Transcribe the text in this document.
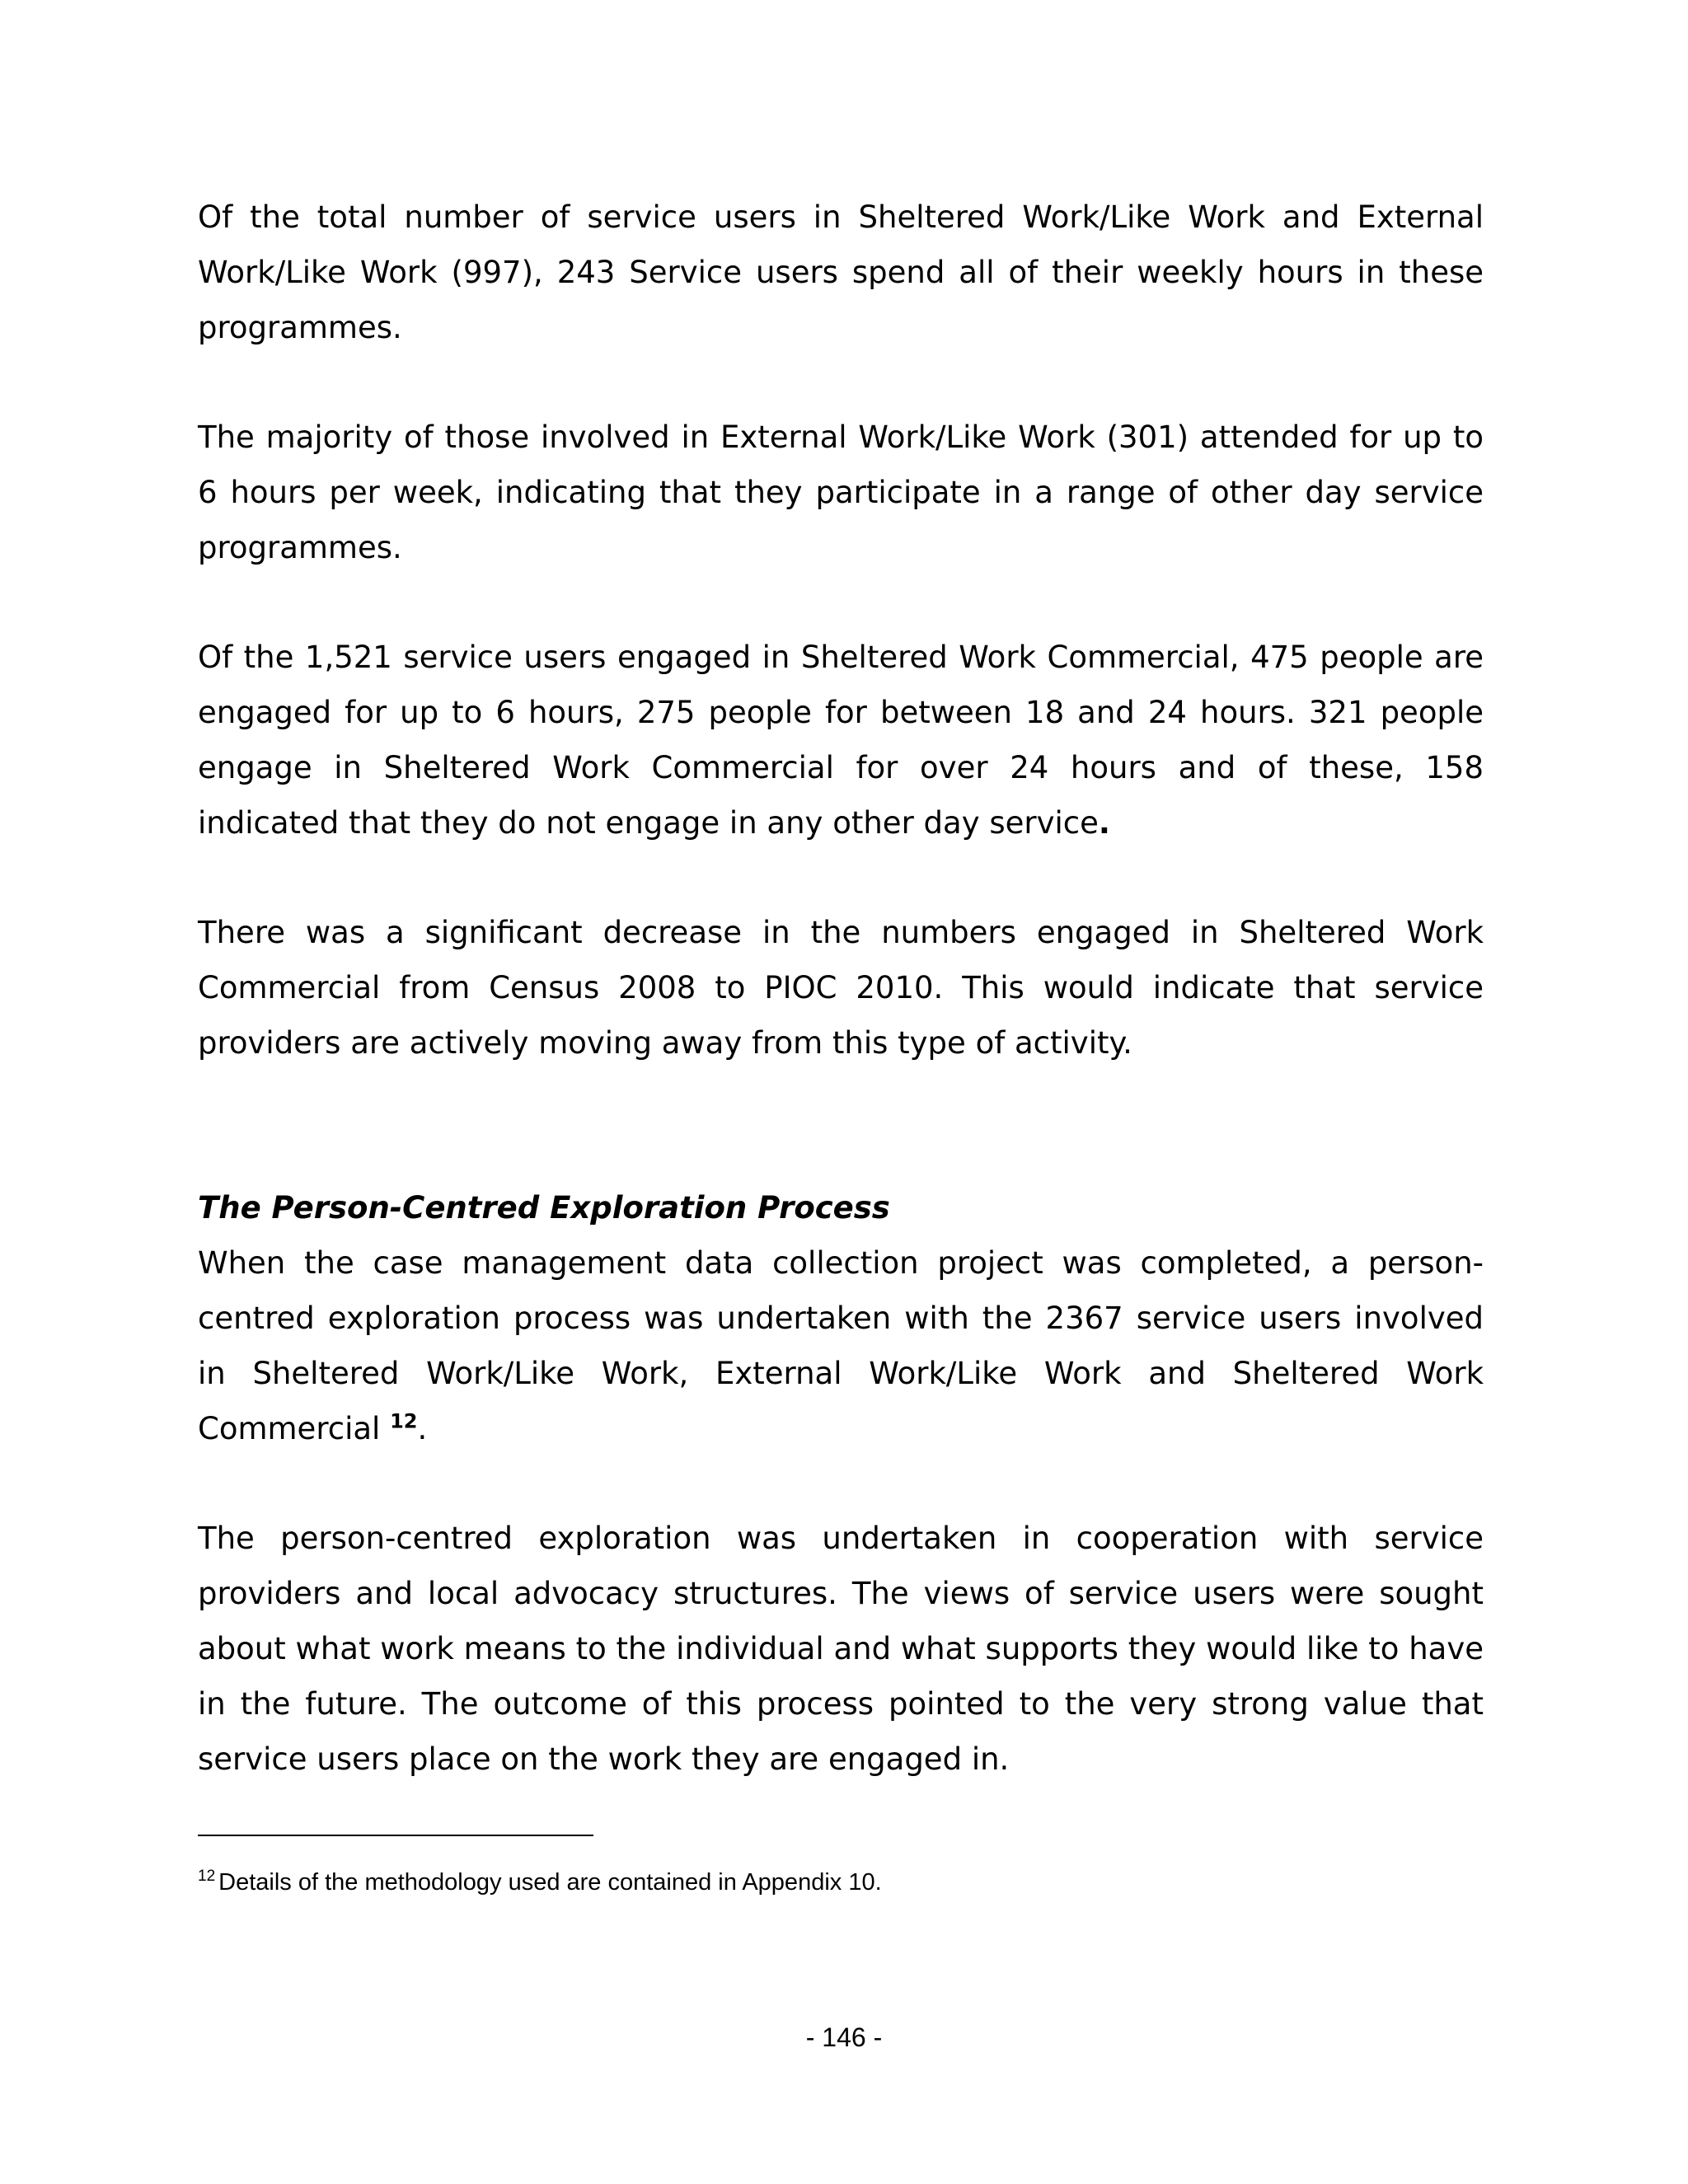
Of the total number of service users in Sheltered Work/Like Work and External Work/Like Work (997), 243 Service users spend all of their weekly hours in these programmes.

The majority of those involved in External Work/Like Work (301) attended for up to 6 hours per week, indicating that they participate in a range of other day service programmes.

Of the 1,521 service users engaged in Sheltered Work Commercial, 475 people are engaged for up to 6 hours, 275 people for between 18 and 24 hours. 321 people engage in Sheltered Work Commercial for over 24 hours and of these, 158 indicated that they do not engage in any other day service.

There was a significant decrease in the numbers engaged in Sheltered Work Commercial from Census 2008 to PIOC 2010. This would indicate that service providers are actively moving away from this type of activity.

The Person-Centred Exploration Process

When the case management data collection project was completed, a person-centred exploration process was undertaken with the 2367 service users involved in Sheltered Work/Like Work, External Work/Like Work and Sheltered Work Commercial $^{12}$.

The person-centred exploration was undertaken in cooperation with service providers and local advocacy structures. The views of service users were sought about what work means to the individual and what supports they would like to have in the future. The outcome of this process pointed to the very strong value that service users place on the work they are engaged in.

$^{12}$ Details of the methodology used are contained in Appendix 10.
- 146 -
